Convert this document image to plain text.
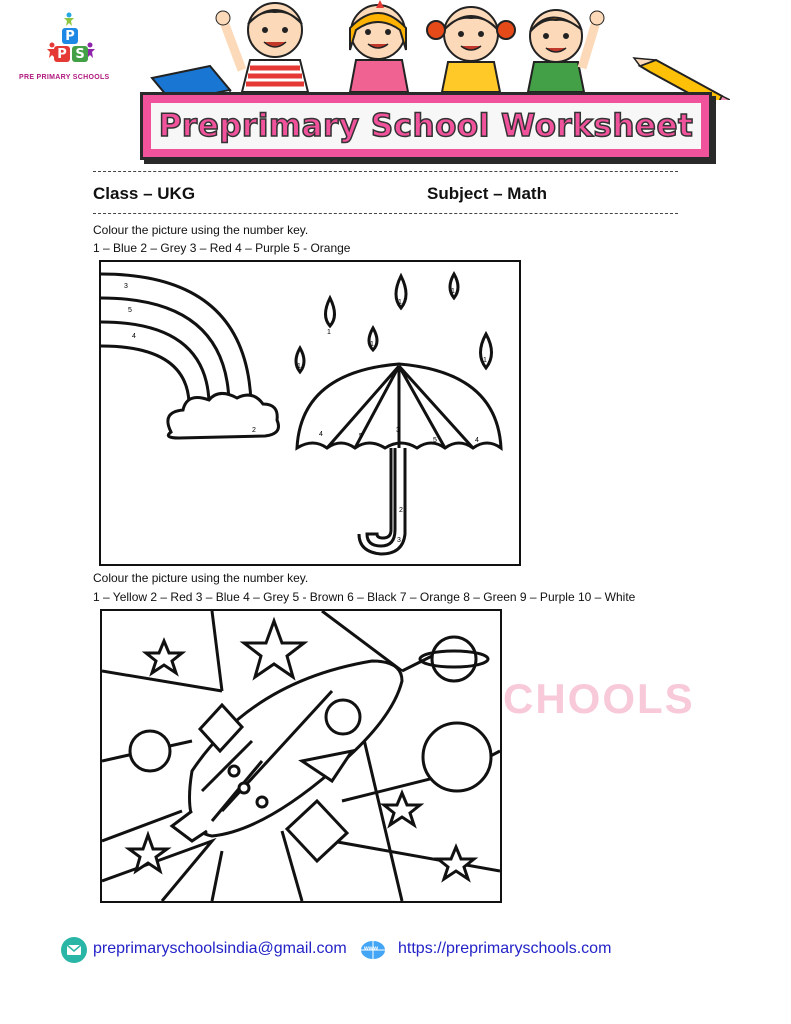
P
P S
PRE PRIMARY SCHOOLS
Preprimary School Worksheet
Class – UKG	Subject – Math
Colour the picture using the number key.
1 – Blue 2 – Grey 3 – Red 4 – Purple 5 - Orange
3
5
4
2
1
1
1
1
1
1
4	5
3
5	4
2
3
Colour the picture using the number key.
1 – Yellow 2 – Red 3 – Blue 4 – Grey 5 - Brown 6 – Black 7 – Orange 8 – Green 9 – Purple 10 – White
CHOOLS
preprimaryschoolsindia@gmail.com	www https://preprimaryschools.com
